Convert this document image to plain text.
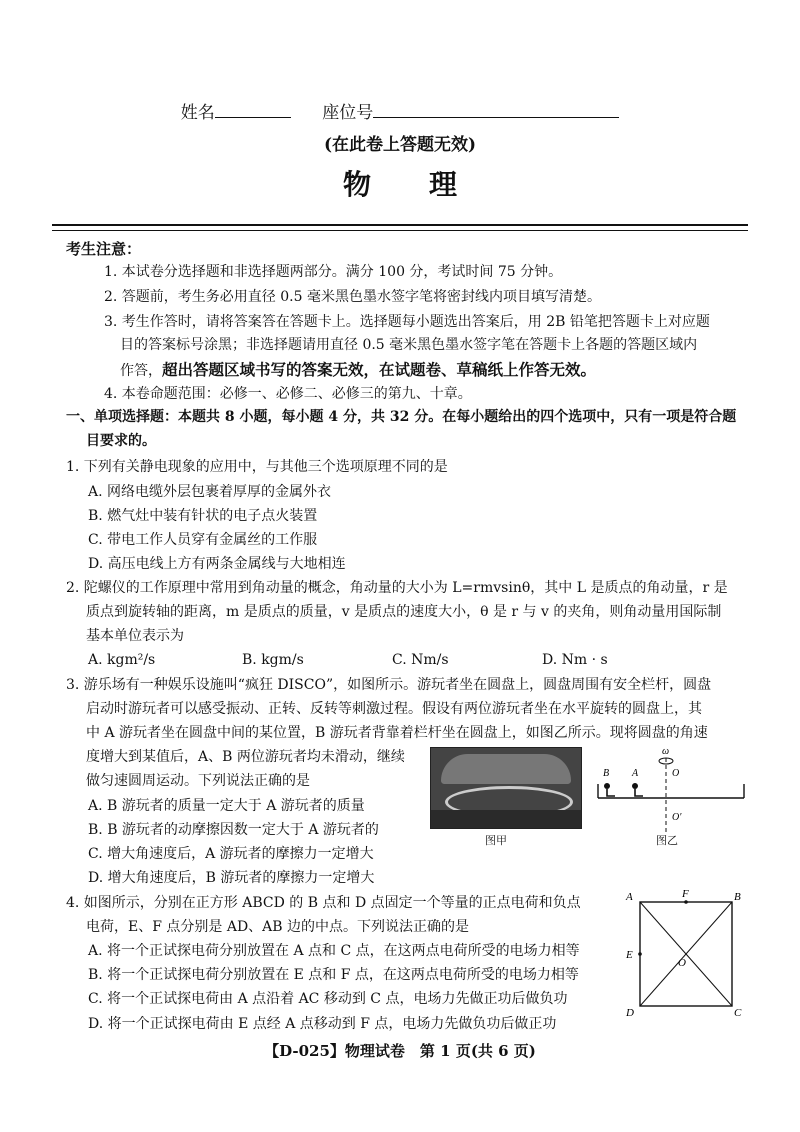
姓名	座位号
(在此卷上答题无效)
物理
考生注意：
1. 本试卷分选择题和非选择题两部分。满分 100 分，考试时间 75 分钟。
2. 答题前，考生务必用直径 0.5 毫米黑色墨水签字笔将密封线内项目填写清楚。
3. 考生作答时，请将答案答在答题卡上。选择题每小题选出答案后，用 2B 铅笔把答题卡上对应题
目的答案标号涂黑；非选择题请用直径 0.5 毫米黑色墨水签字笔在答题卡上各题的答题区域内
作答，超出答题区域书写的答案无效，在试题卷、草稿纸上作答无效。
4. 本卷命题范围：必修一、必修二、必修三的第九、十章。
一、单项选择题：本题共 8 小题，每小题 4 分，共 32 分。在每小题给出的四个选项中，只有一项是符合题
目要求的。
1. 下列有关静电现象的应用中，与其他三个选项原理不同的是
A. 网络电缆外层包裹着厚厚的金属外衣
B. 燃气灶中装有针状的电子点火装置
C. 带电工作人员穿有金属丝的工作服
D. 高压电线上方有两条金属线与大地相连
2. 陀螺仪的工作原理中常用到角动量的概念，角动量的大小为 L=rmvsinθ，其中 L 是质点的角动量，r 是
质点到旋转轴的距离，m 是质点的质量，v 是质点的速度大小，θ 是 r 与 v 的夹角，则角动量用国际制
基本单位表示为
A. kgm²/s	B. kgm/s	C. Nm/s	D. Nm · s
3. 游乐场有一种娱乐设施叫“疯狂 DISCO”，如图所示。游玩者坐在圆盘上，圆盘周围有安全栏杆，圆盘
启动时游玩者可以感受振动、正转、反转等刺激过程。假设有两位游玩者坐在水平旋转的圆盘上，其
中 A 游玩者坐在圆盘中间的某位置，B 游玩者背靠着栏杆坐在圆盘上，如图乙所示。现将圆盘的角速
度增大到某值后，A、B 两位游玩者均未滑动，继续
做匀速圆周运动。下列说法正确的是
A. B 游玩者的质量一定大于 A 游玩者的质量
B. B 游玩者的动摩擦因数一定大于 A 游玩者的
C. 增大角速度后，A 游玩者的摩擦力一定增大
D. 增大角速度后，B 游玩者的摩擦力一定增大
图甲
B A
ω
O
O′
图乙
4. 如图所示，分别在正方形 ABCD 的 B 点和 D 点固定一个等量的正点电荷和负点
电荷，E、F 点分别是 AD、AB 边的中点。下列说法正确的是
A. 将一个正试探电荷分别放置在 A 点和 C 点，在这两点电荷所受的电场力相等
B. 将一个正试探电荷分别放置在 E 点和 F 点，在这两点电荷所受的电场力相等
C. 将一个正试探电荷由 A 点沿着 AC 移动到 C 点，电场力先做正功后做负功
D. 将一个正试探电荷由 E 点经 A 点移动到 F 点，电场力先做负功后做正功
A	F	B
E
O
D	C
【D-025】物理试卷　第 1 页(共 6 页)
